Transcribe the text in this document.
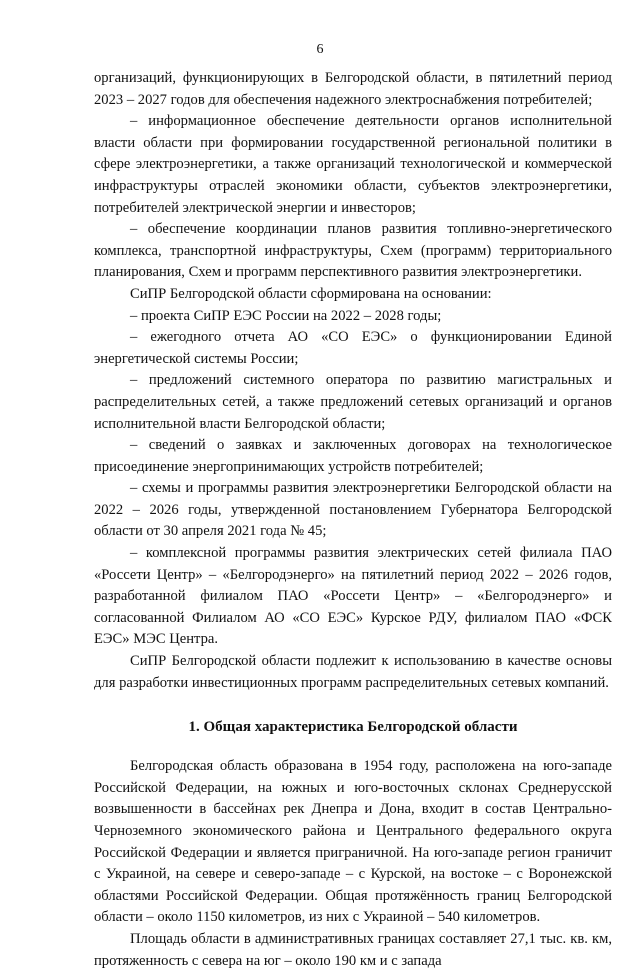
6

организаций, функционирующих в Белгородской области, в пятилетний период 2023 – 2027 годов для обеспечения надежного электроснабжения потребителей;

– информационное обеспечение деятельности органов исполнительной власти области при формировании государственной региональной политики в сфере электроэнергетики, а также организаций технологической и коммерческой инфраструктуры отраслей экономики области, субъектов электроэнергетики, потребителей электрической энергии и инвесторов;

– обеспечение координации планов развития топливно-энергетического комплекса, транспортной инфраструктуры, Схем (программ) территориального планирования, Схем и программ перспективного развития электроэнергетики.

СиПР Белгородской области сформирована на основании:

– проекта СиПР ЕЭС России на 2022 – 2028 годы;

– ежегодного отчета АО «СО ЕЭС» о функционировании Единой энергетической системы России;

– предложений системного оператора по развитию магистральных и распределительных сетей, а также предложений сетевых организаций и органов исполнительной власти Белгородской области;

– сведений о заявках и заключенных договорах на технологическое присоединение энергопринимающих устройств потребителей;

– схемы и программы развития электроэнергетики Белгородской области на 2022 – 2026 годы, утвержденной постановлением Губернатора Белгородской области от 30 апреля 2021 года № 45;

– комплексной программы развития электрических сетей филиала ПАО «Россети Центр» – «Белгородэнерго» на пятилетний период 2022 – 2026 годов, разработанной филиалом ПАО «Россети Центр» – «Белгородэнерго» и согласованной Филиалом АО «СО ЕЭС» Курское РДУ, филиалом ПАО «ФСК ЕЭС» МЭС Центра.

СиПР Белгородской области подлежит к использованию в качестве основы для разработки инвестиционных программ распределительных сетевых компаний.

1. Общая характеристика Белгородской области

Белгородская область образована в 1954 году, расположена на юго-западе Российской Федерации, на южных и юго-восточных склонах Среднерусской возвышенности в бассейнах рек Днепра и Дона, входит в состав Центрально-Черноземного экономического района и Центрального федерального округа Российской Федерации и является приграничной. На юго-западе регион граничит с Украиной, на севере и северо-западе – с Курской, на востоке – с Воронежской областями Российской Федерации. Общая протяжённость границ Белгородской области – около 1150 километров, из них с Украиной – 540 километров.

Площадь области в административных границах составляет 27,1 тыс. кв. км, протяженность с севера на юг – около 190 км и с запада
